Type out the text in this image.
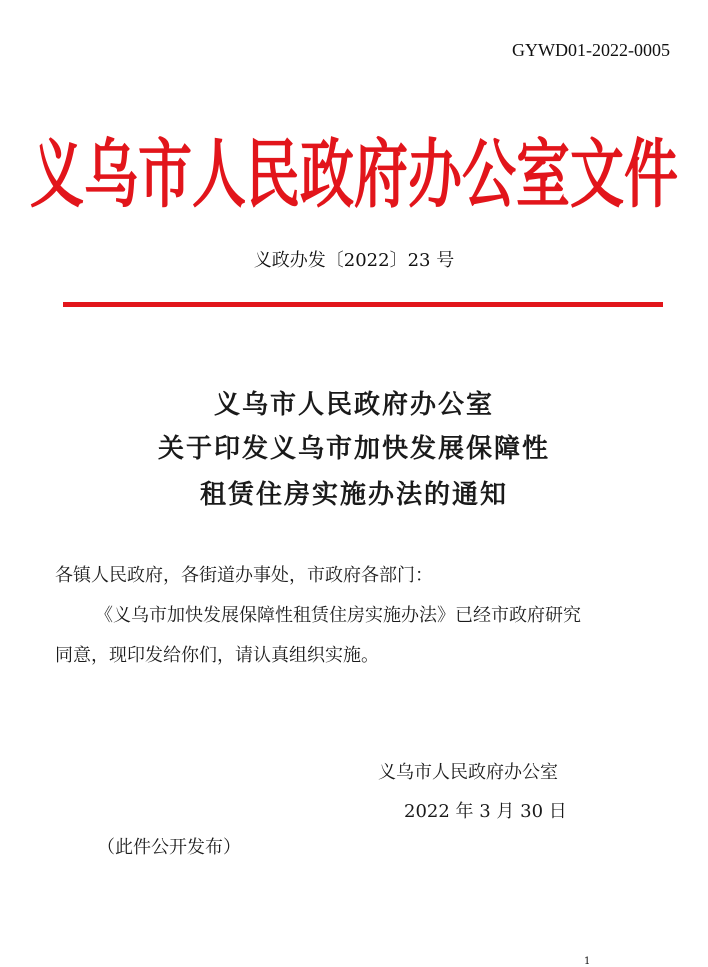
GYWD01-2022-0005
义乌市人民政府办公室文件
义政办发〔2022〕23 号
义乌市人民政府办公室
关于印发义乌市加快发展保障性
租赁住房实施办法的通知
各镇人民政府，各街道办事处，市政府各部门：
《义乌市加快发展保障性租赁住房实施办法》已经市政府研究
同意，现印发给你们，请认真组织实施。
义乌市人民政府办公室
2022 年 3 月 30 日
（此件公开发布）
1
